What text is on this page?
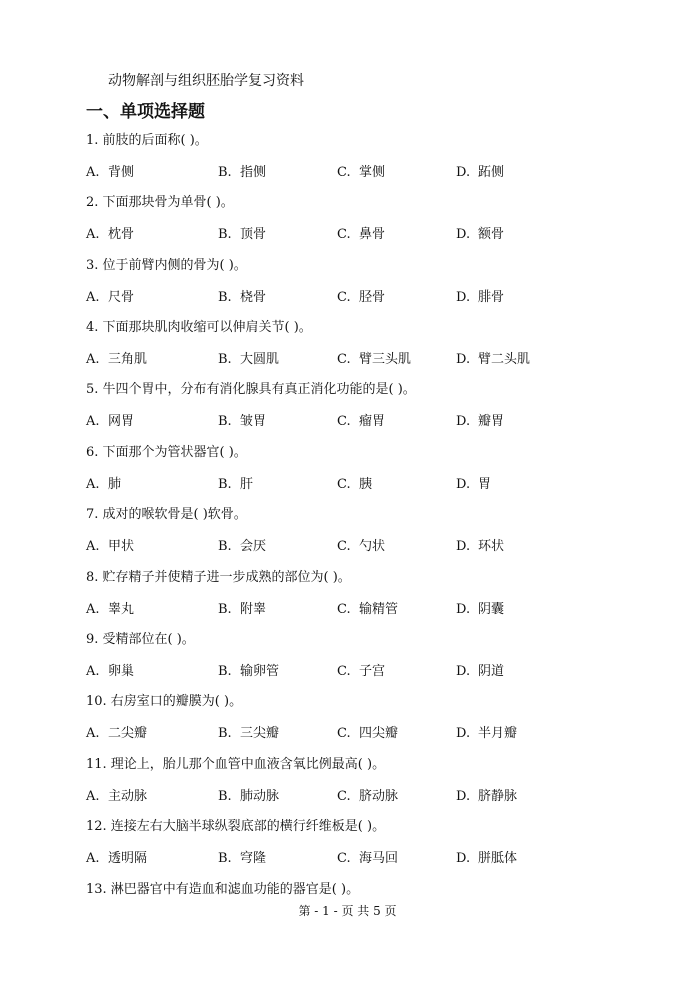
动物解剖与组织胚胎学复习资料
一、单项选择题
1. 前肢的后面称( )。
A. 背侧	B. 指侧	C. 掌侧	D. 跖侧
2. 下面那块骨为单骨( )。
A. 枕骨	B. 顶骨	C. 鼻骨	D. 额骨
3. 位于前臂内侧的骨为( )。
A. 尺骨	B. 桡骨	C. 胫骨	D. 腓骨
4. 下面那块肌肉收缩可以伸肩关节( )。
A. 三角肌	B. 大圆肌	C. 臂三头肌	D. 臂二头肌
5. 牛四个胃中，分布有消化腺具有真正消化功能的是( )。
A. 网胃	B. 皱胃	C. 瘤胃	D. 瓣胃
6. 下面那个为管状器官( )。
A. 肺	B. 肝	C. 胰	D. 胃
7. 成对的喉软骨是( )软骨。
A. 甲状	B. 会厌	C. 勺状	D. 环状
8. 贮存精子并使精子进一步成熟的部位为( )。
A. 睾丸	B. 附睾	C. 输精管	D. 阴囊
9. 受精部位在( )。
A. 卵巢	B. 输卵管	C. 子宫	D. 阴道
10. 右房室口的瓣膜为( )。
A. 二尖瓣	B. 三尖瓣	C. 四尖瓣	D. 半月瓣
11. 理论上，胎儿那个血管中血液含氧比例最高( )。
A. 主动脉	B. 肺动脉	C. 脐动脉	D. 脐静脉
12. 连接左右大脑半球纵裂底部的横行纤维板是( )。
A. 透明隔	B. 穹隆	C. 海马回	D. 胼胝体
13. 淋巴器官中有造血和滤血功能的器官是( )。
第 - 1 - 页 共 5 页
